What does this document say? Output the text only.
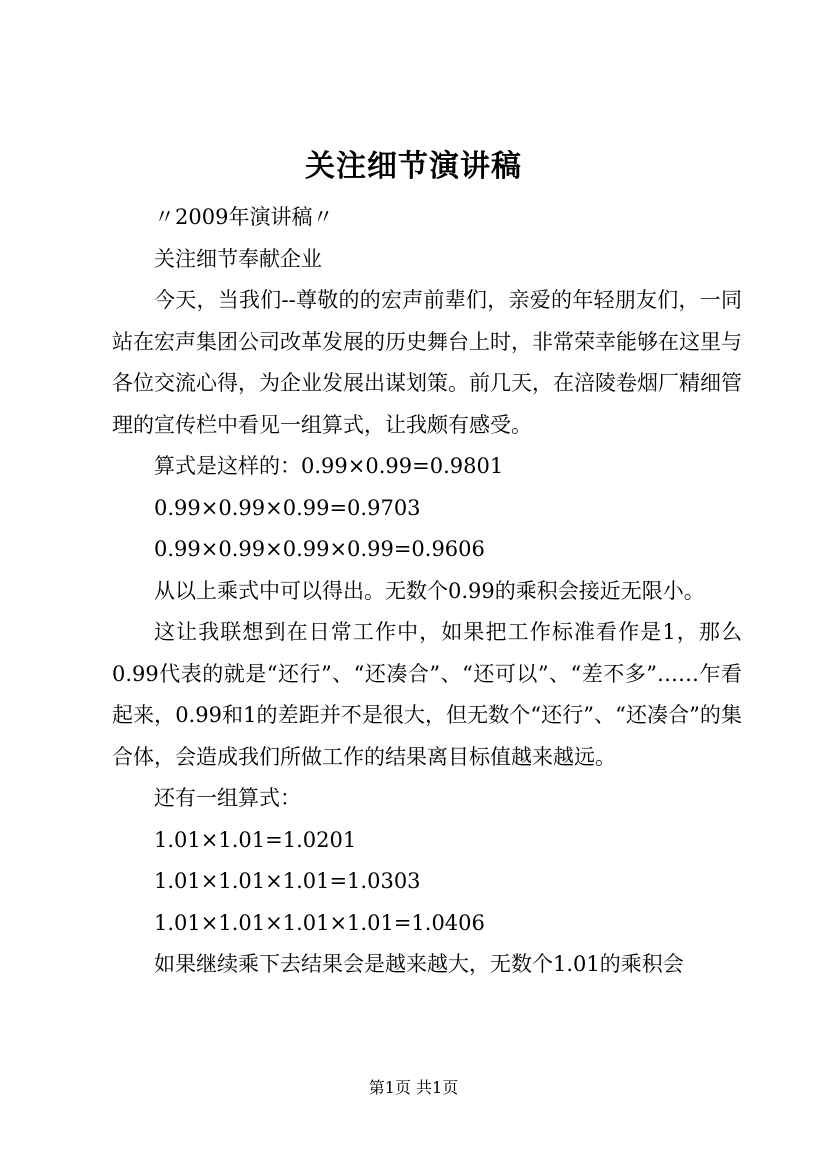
关注细节演讲稿

〃2009年演讲稿〃

关注细节奉献企业

今天，当我们--尊敬的的宏声前辈们，亲爱的年轻朋友们，一同站在宏声集团公司改革发展的历史舞台上时，非常荣幸能够在这里与各位交流心得，为企业发展出谋划策。前几天，在涪陵卷烟厂精细管理的宣传栏中看见一组算式，让我颇有感受。

算式是这样的：0.99×0.99=0.9801

0.99×0.99×0.99=0.9703

0.99×0.99×0.99×0.99=0.9606

从以上乘式中可以得出。无数个0.99的乘积会接近无限小。

这让我联想到在日常工作中，如果把工作标准看作是1，那么0.99代表的就是“还行”、“还凑合”、“还可以”、“差不多”……乍看起来，0.99和1的差距并不是很大，但无数个“还行”、“还凑合”的集合体，会造成我们所做工作的结果离目标值越来越远。

还有一组算式：

1.01×1.01=1.0201

1.01×1.01×1.01=1.0303

1.01×1.01×1.01×1.01=1.0406

如果继续乘下去结果会是越来越大，无数个1.01的乘积会

第1页 共1页
